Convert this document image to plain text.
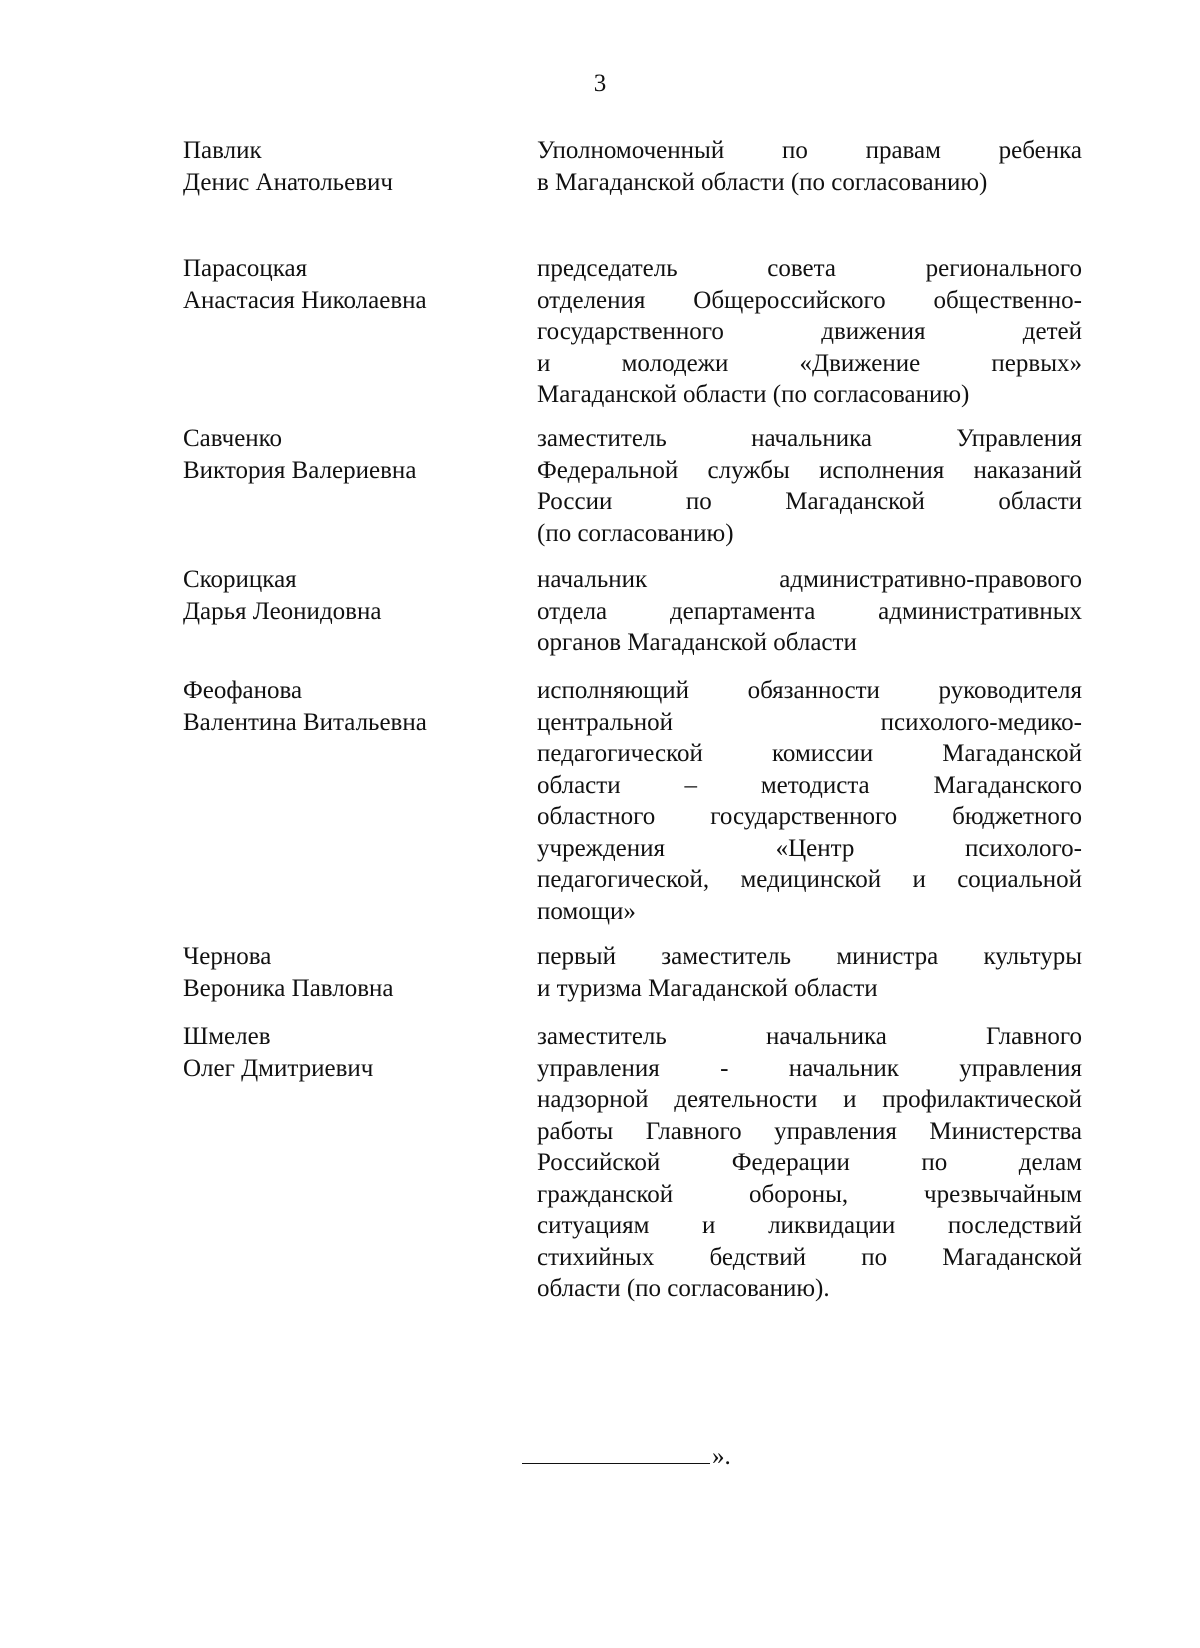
3
Павлик
Денис Анатольевич
Уполномоченный по правам ребенка
в Магаданской области (по согласованию)
Парасоцкая
Анастасия Николаевна
председатель совета регионального
отделения Общероссийского общественно-
государственного движения детей
и молодежи «Движение первых»
Магаданской области (по согласованию)
Савченко
Виктория Валериевна
заместитель начальника Управления
Федеральной службы исполнения наказаний
России по Магаданской области
(по согласованию)
Скорицкая
Дарья Леонидовна
начальник административно-правового
отдела департамента административных
органов Магаданской области
Феофанова
Валентина Витальевна
исполняющий обязанности руководителя
центральной психолого-медико-
педагогической комиссии Магаданской
области – методиста Магаданского
областного государственного бюджетного
учреждения «Центр психолого-
педагогической, медицинской и социальной
помощи»
Чернова
Вероника Павловна
первый заместитель министра культуры
и туризма Магаданской области
Шмелев
Олег Дмитриевич
заместитель начальника Главного
управления - начальник управления
надзорной деятельности и профилактической
работы Главного управления Министерства
Российской Федерации по делам
гражданской обороны, чрезвычайным
ситуациям и ликвидации последствий
стихийных бедствий по Магаданской
области (по согласованию).
».
